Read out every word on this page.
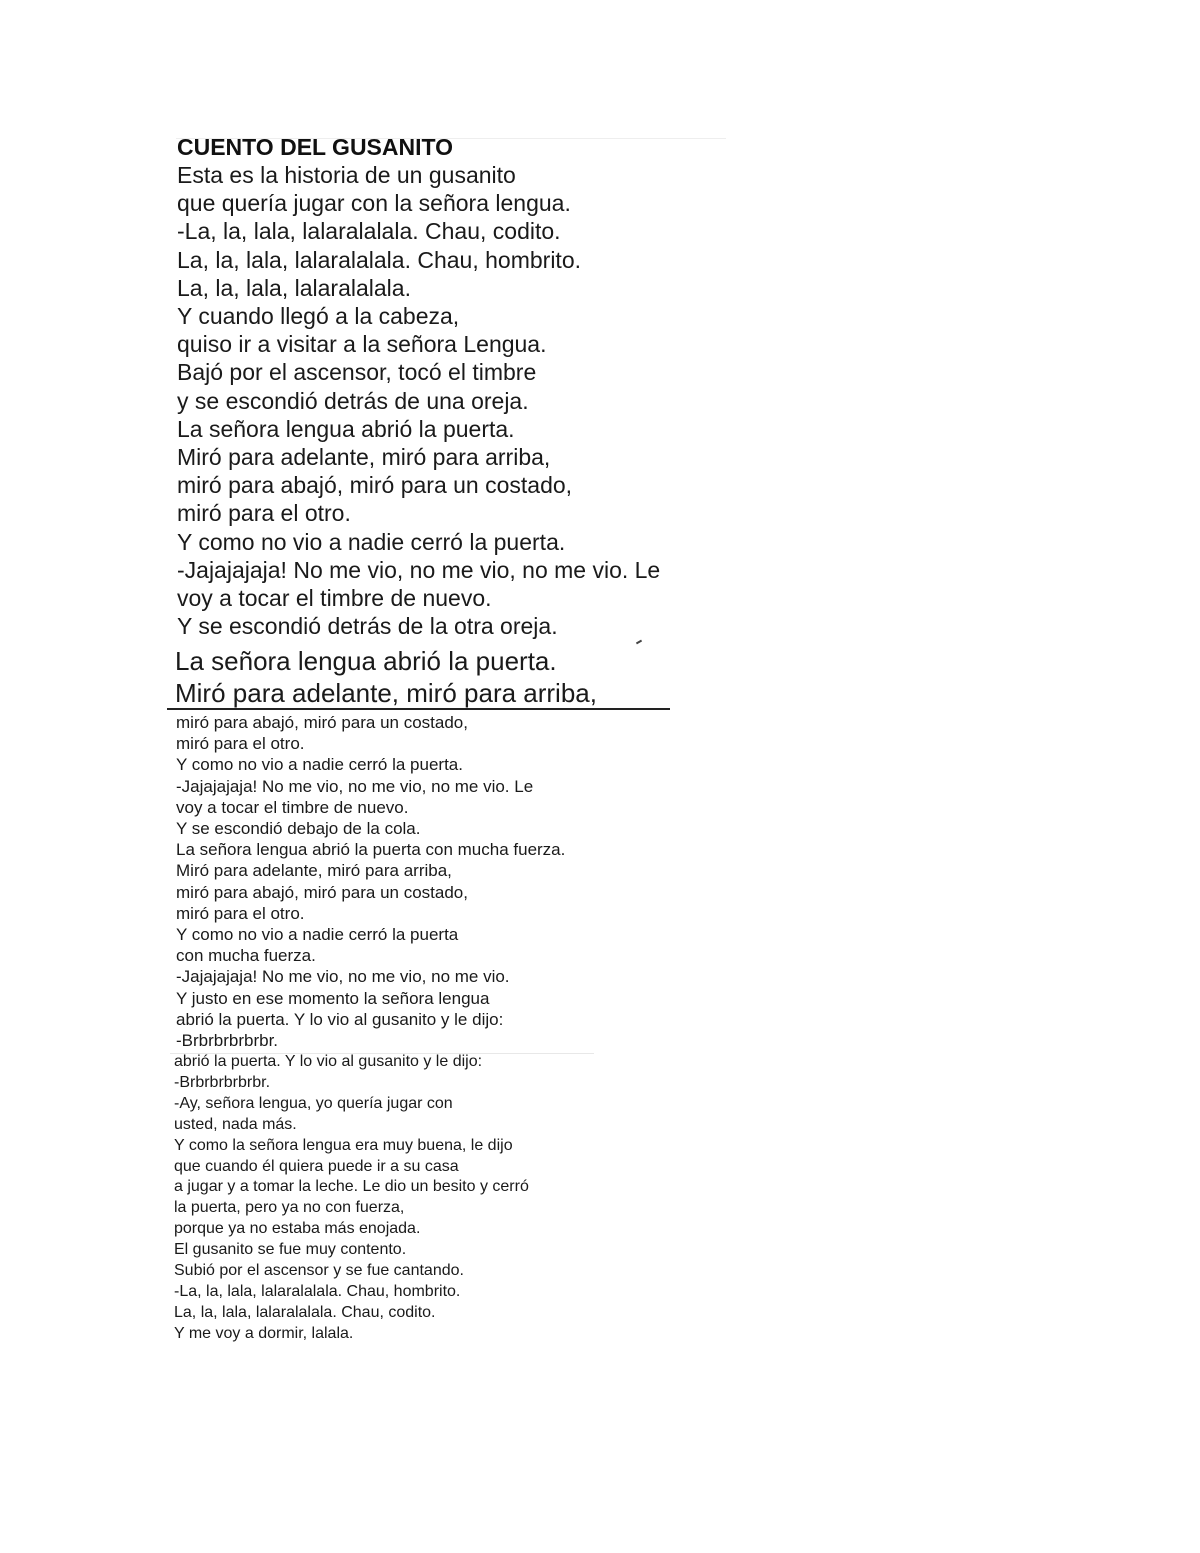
CUENTO DEL GUSANITO
Esta es la historia de un gusanito
que quería jugar con la señora lengua.
-La, la, lala, lalaralalala. Chau, codito.
La, la, lala, lalaralalala. Chau, hombrito.
La, la, lala, lalaralalala.
Y cuando llegó a la cabeza,
quiso ir a visitar a la señora Lengua.
Bajó por el ascensor, tocó el timbre
y se escondió detrás de una oreja.
La señora lengua abrió la puerta.
Miró para adelante, miró para arriba,
miró para abajó, miró para un costado,
miró para el otro.
Y como no vio a nadie cerró la puerta.
-Jajajajaja! No me vio, no me vio, no me vio. Le
voy a tocar el timbre de nuevo.
Y se escondió detrás de la otra oreja.
La señora lengua abrió la puerta.
Miró para adelante, miró para arriba,
miró para abajó, miró para un costado,
miró para el otro.
Y como no vio a nadie cerró la puerta.
-Jajajajaja! No me vio, no me vio, no me vio. Le
voy a tocar el timbre de nuevo.
Y se escondió debajo de la cola.
La señora lengua abrió la puerta con mucha fuerza.
Miró para adelante, miró para arriba,
miró para abajó, miró para un costado,
miró para el otro.
Y como no vio a nadie cerró la puerta
con mucha fuerza.
-Jajajajaja! No me vio, no me vio, no me vio.
Y justo en ese momento la señora lengua
abrió la puerta. Y lo vio al gusanito y le dijo:
-Brbrbrbrbrbr.
abrió la puerta. Y lo vio al gusanito y le dijo:
-Brbrbrbrbrbr.
-Ay, señora lengua, yo quería jugar con
usted, nada más.
Y como la señora lengua era muy buena, le dijo
que cuando él quiera puede ir a su casa
a jugar y a tomar la leche. Le dio un besito y cerró
la puerta, pero ya no con fuerza,
porque ya no estaba más enojada.
El gusanito se fue muy contento.
Subió por el ascensor y se fue cantando.
-La, la, lala, lalaralalala. Chau, hombrito.
La, la, lala, lalaralalala. Chau, codito.
Y me voy a dormir, lalala.
